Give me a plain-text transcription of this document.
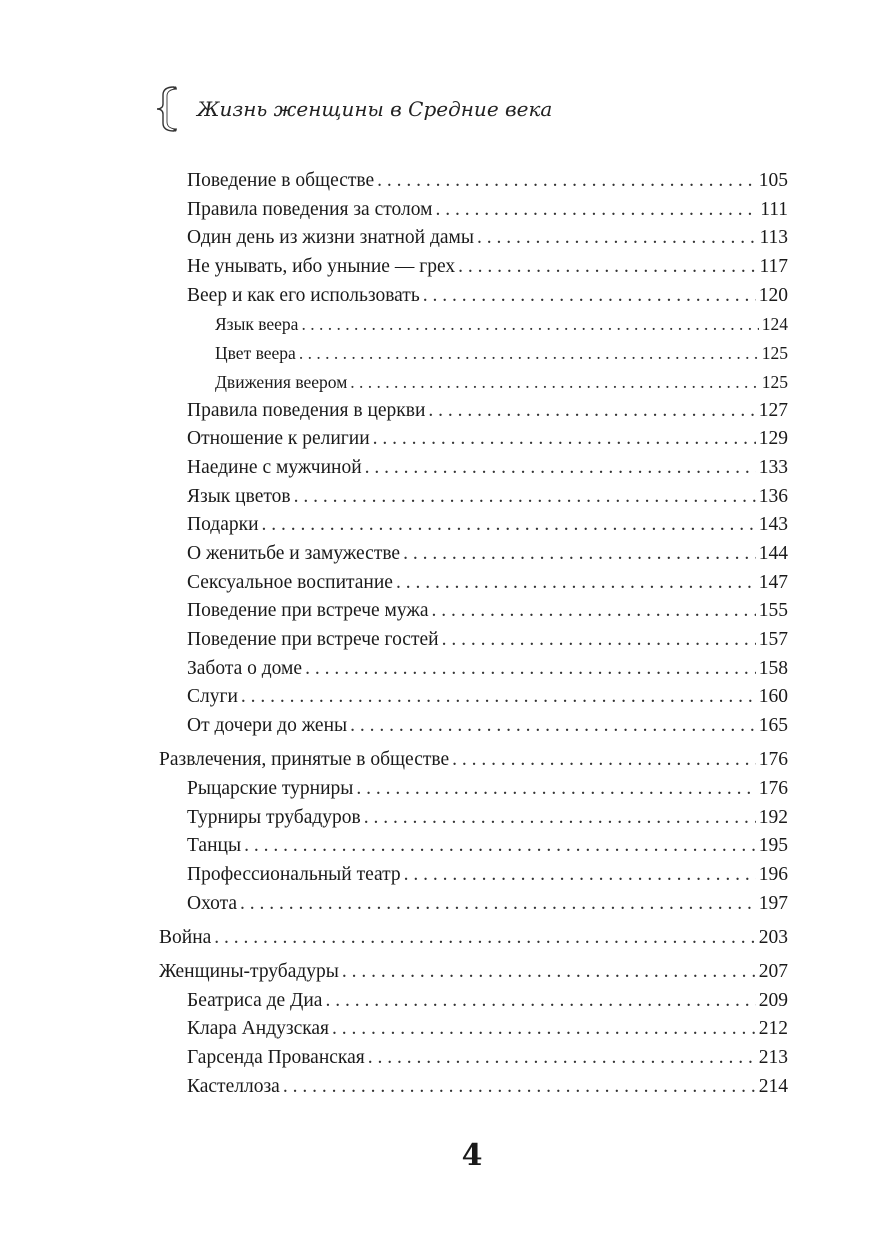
Жизнь женщины в Средние века
Поведение в обществе . . .	105
Правила поведения за столом . . .	111
Один день из жизни знатной дамы . . .	113
Не унывать, ибо уныние — грех . . .	117
Веер и как его использовать . . .	120
Язык веера . . .	124
Цвет веера . . .	125
Движения веером . . .	125
Правила поведения в церкви . . .	127
Отношение к религии . . .	129
Наедине с мужчиной . . .	133
Язык цветов . . .	136
Подарки . . .	143
О женитьбе и замужестве . . .	144
Сексуальное воспитание . . .	147
Поведение при встрече мужа . . .	155
Поведение при встрече гостей . . .	157
Забота о доме . . .	158
Слуги . . .	160
От дочери до жены . . .	165
Развлечения, принятые в обществе . . .	176
Рыцарские турниры . . .	176
Турниры трубадуров . . .	192
Танцы . . .	195
Профессиональный театр . . .	196
Охота . . .	197
Война . . .	203
Женщины-трубадуры . . .	207
Беатриса де Диа . . .	209
Клара Андузская . . .	212
Гарсенда Прованская . . .	213
Кастеллоза . . .	214
4
